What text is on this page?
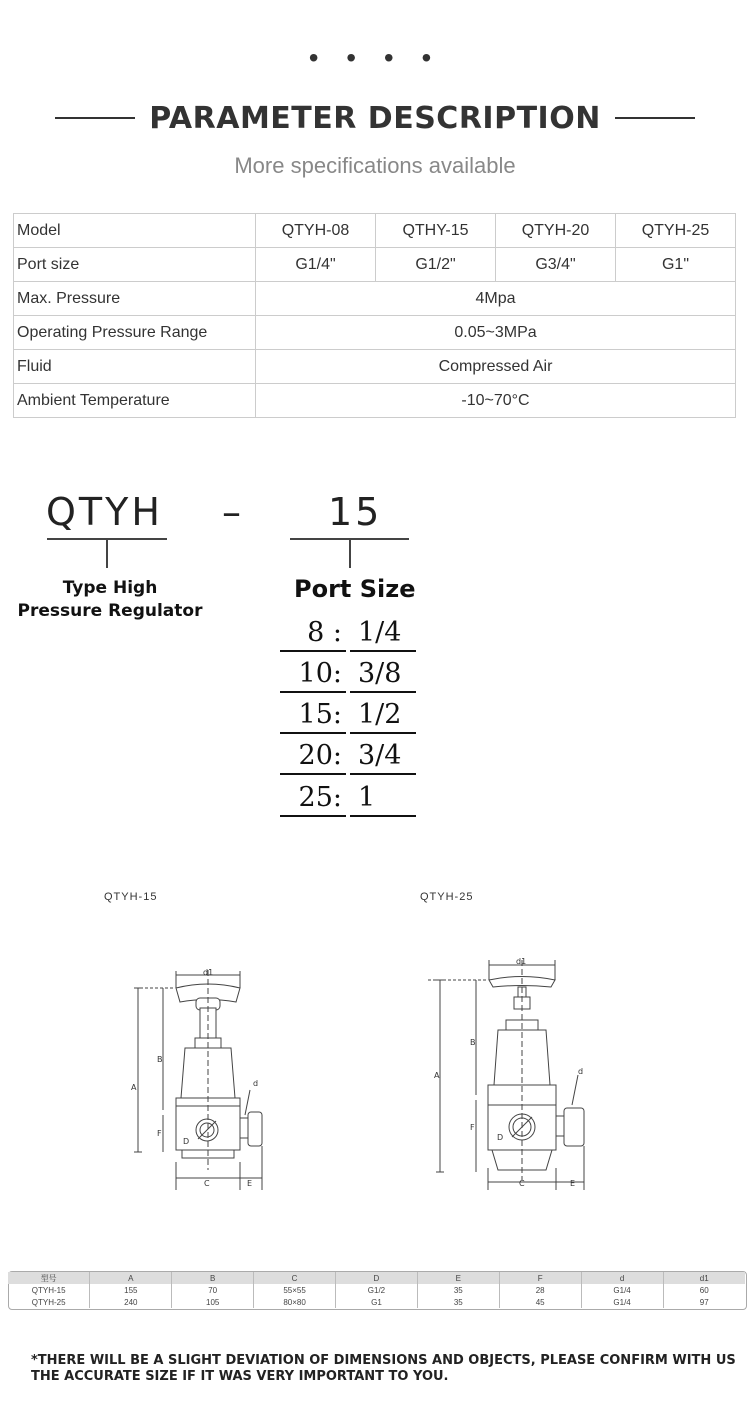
• • • •
PARAMETER DESCRIPTION
More specifications available
Model	QTYH-08	QTHY-15	QTYH-20	QTYH-25
Port size	G1/4"	G1/2"	G3/4"	G1"
Max. Pressure	4Mpa			
Operating Pressure Range	0.05~3MPa			
Fluid	Compressed Air			
Ambient Temperature	-10~70°C			
QTYH – 15
Type High
Pressure Regulator
Port Size
8 : 1/4
10: 3/8
15: 1/2
20: 3/4
25: 1
QTYH-15	QTYH-25
d1
A
B
F
d
D
C	E
d1
A
B
F
d
D
C	E
型号	A	B	C	D	E	F	d	d1
QTYH-15	155	70	55×55	G1/2	35	28	G1/4	60
QTYH-25	240	105	80×80	G1	35	45	G1/4	97
*THERE WILL BE A SLIGHT DEVIATION OF DIMENSIONS AND OBJECTS, PLEASE CONFIRM WITH US THE ACCURATE SIZE IF IT WAS VERY IMPORTANT TO YOU.
